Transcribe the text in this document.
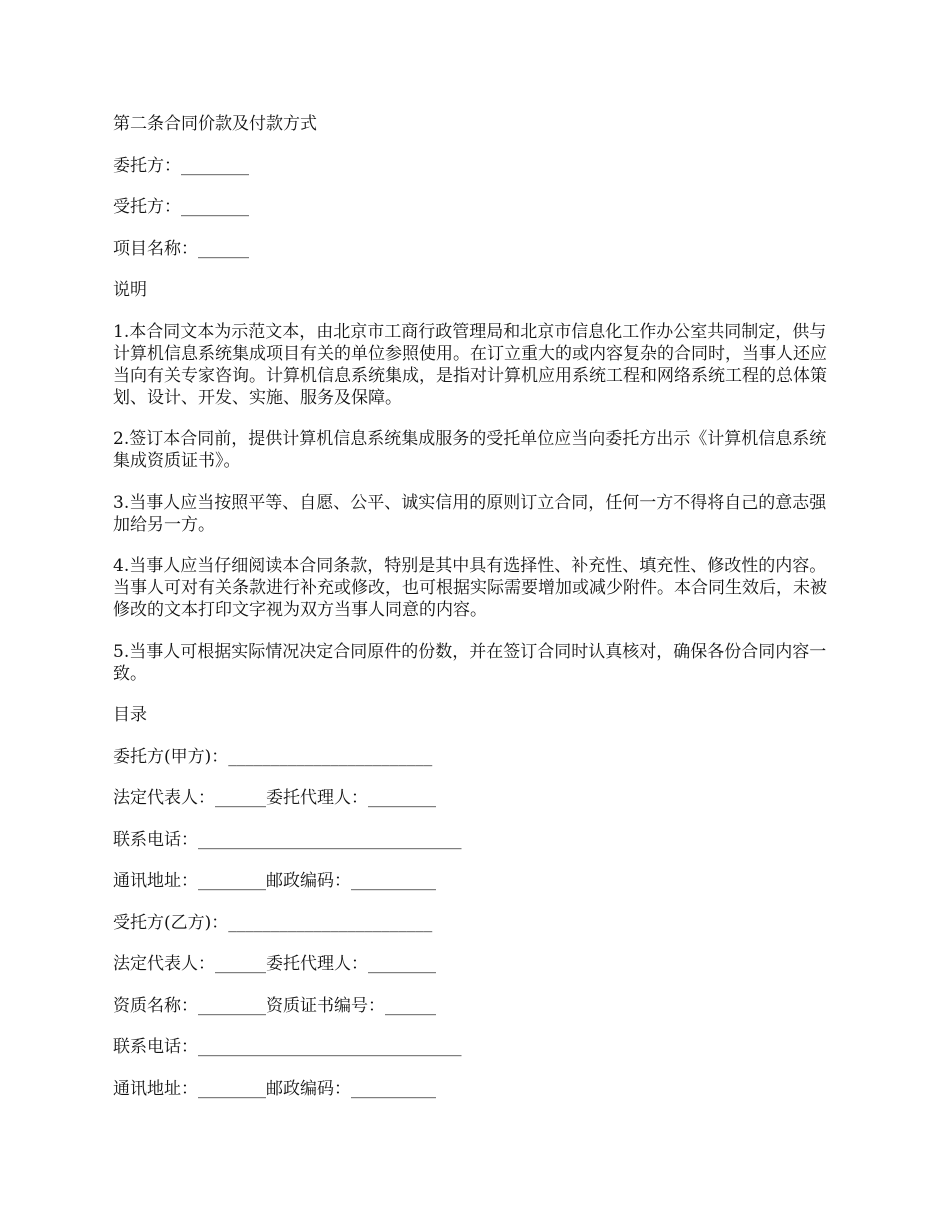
第二条合同价款及付款方式
委托方：________
受托方：________
项目名称：______
说明
1.本合同文本为示范文本，由北京市工商行政管理局和北京市信息化工作办公室共同制定，供与计算机信息系统集成项目有关的单位参照使用。在订立重大的或内容复杂的合同时，当事人还应当向有关专家咨询。计算机信息系统集成，是指对计算机应用系统工程和网络系统工程的总体策划、设计、开发、实施、服务及保障。
2.签订本合同前，提供计算机信息系统集成服务的受托单位应当向委托方出示《计算机信息系统集成资质证书》。
3.当事人应当按照平等、自愿、公平、诚实信用的原则订立合同，任何一方不得将自己的意志强加给另一方。
4.当事人应当仔细阅读本合同条款，特别是其中具有选择性、补充性、填充性、修改性的内容。当事人可对有关条款进行补充或修改，也可根据实际需要增加或减少附件。本合同生效后，未被修改的文本打印文字视为双方当事人同意的内容。
5.当事人可根据实际情况决定合同原件的份数，并在签订合同时认真核对，确保各份合同内容一致。
目录
委托方(甲方)：________________________
法定代表人：______委托代理人：________
联系电话：_______________________________
通讯地址：________邮政编码：__________
受托方(乙方)：________________________
法定代表人：______委托代理人：________
资质名称：________资质证书编号：______
联系电话：_______________________________
通讯地址：________邮政编码：__________
